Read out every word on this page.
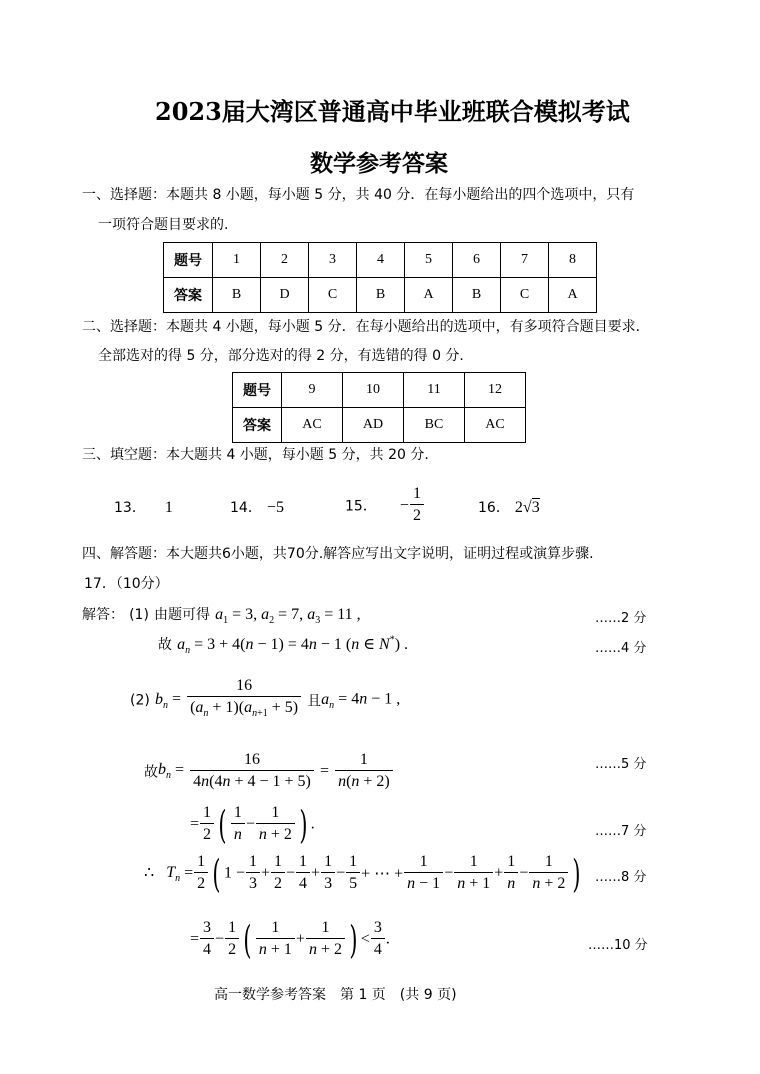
2023届大湾区普通高中毕业班联合模拟考试
数学参考答案
一、选择题：本题共 8 小题，每小题 5 分，共 40 分．在每小题给出的四个选项中，只有
一项符合题目要求的.
题号	1	2	3	4	5	6	7	8
答案	B	D	C	B	A	B	C	A
二、选择题：本题共 4 小题，每小题 5 分．在每小题给出的选项中，有多项符合题目要求．
全部选对的得 5 分，部分选对的得 2 分，有选错的得 0 分.
题号	9	10	11	12
答案	AC	AD	BC	AC
三、填空题：本大题共 4 小题，每小题 5 分，共 20 分.
13． 1	14． −5	15． − $\frac{1}{2}$	16． 2√3
四、解答题：本大题共6小题，共70分.解答应写出文字说明，证明过程或演算步骤.
17．（10分）
解答： (1) 由题可得 $a_1 = 3$, $a_2 = 7$, $a_3 = 11$ ,	……2 分
故 $a_n = 3 + 4(n - 1) = 4n - 1$ (n ∈ N*) .	……4 分
(2) $b_n = \frac{16}{(a_n + 1)(a_{n+1} + 5)}$ 且$a_n = 4n - 1$ ,
故$b_n = \frac{16}{4n(4n + 4 - 1 + 5)} = \frac{1}{n(n + 2)}$	……5 分
= $\frac{1}{2}$ ( $\frac{1}{n} - \frac{1}{n + 2}$ ) .	……7 分
∴   $T_n = \frac{1}{2}$ ( $1 - \frac{1}{3} + \frac{1}{2} - \frac{1}{4} + \frac{1}{3} - \frac{1}{5}$ + ⋯ + $\frac{1}{n - 1} - \frac{1}{n + 1} + \frac{1}{n} - \frac{1}{n + 2}$ ) ……8 分
= $\frac{3}{4} - \frac{1}{2}$ ( $\frac{1}{n + 1} + \frac{1}{n + 2}$ ) < $\frac{3}{4}$ .	……10 分
高一数学参考答案　第 1 页　(共 9 页)
